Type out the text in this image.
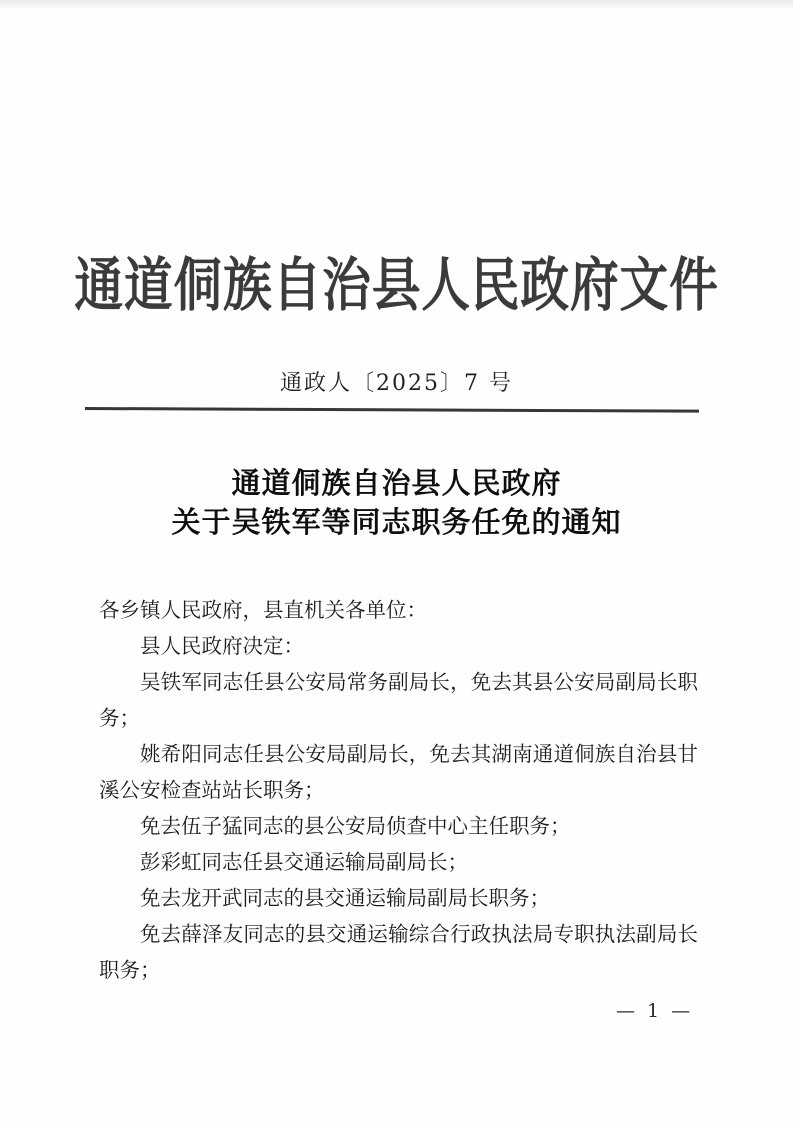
通道侗族自治县人民政府文件
通政人〔2025〕7 号
通道侗族自治县人民政府
关于吴铁军等同志职务任免的通知

各乡镇人民政府，县直机关各单位：

县人民政府决定：

吴铁军同志任县公安局常务副局长，免去其县公安局副局长职务；

姚希阳同志任县公安局副局长，免去其湖南通道侗族自治县甘溪公安检查站站长职务；

免去伍子猛同志的县公安局侦查中心主任职务；

彭彩虹同志任县交通运输局副局长；

免去龙开武同志的县交通运输局副局长职务；

免去薛泽友同志的县交通运输综合行政执法局专职执法副局长职务；

— 1 —
